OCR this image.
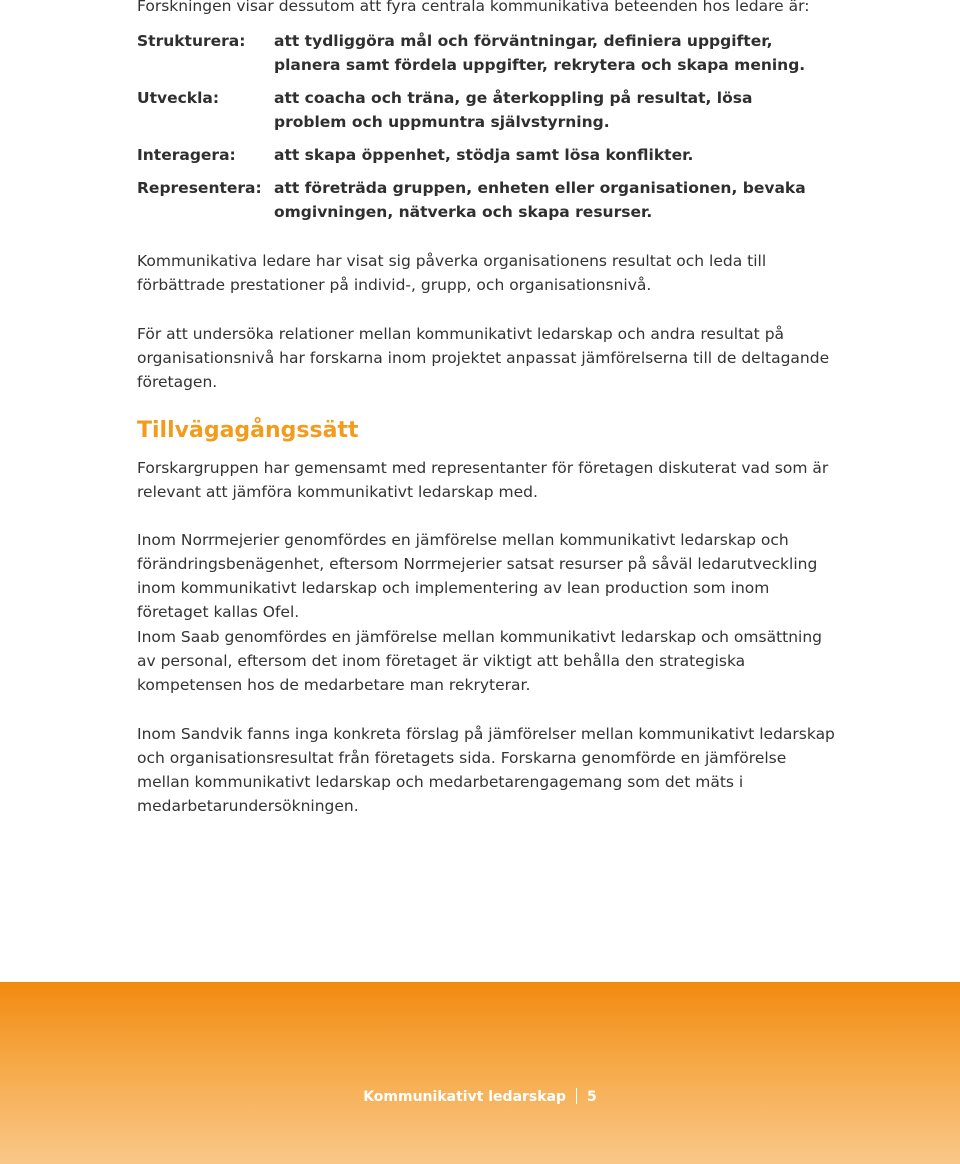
Forskningen visar dessutom att fyra centrala kommunikativa beteenden hos ledare är:

Strukturera: att tydliggöra mål och förväntningar, definiera uppgifter, planera samt fördela uppgifter, rekrytera och skapa mening.
Utveckla:	att coacha och träna, ge återkoppling på resultat, lösa problem och uppmuntra självstyrning.
Interagera: att skapa öppenhet, stödja samt lösa konflikter.
Representera: att företräda gruppen, enheten eller organisationen, bevaka omgivningen, nätverka och skapa resurser.

Kommunikativa ledare har visat sig påverka organisationens resultat och leda till förbättrade prestationer på individ-, grupp, och organisationsnivå.

För att undersöka relationer mellan kommunikativt ledarskap och andra resultat på organisationsnivå har forskarna inom projektet anpassat jämförelserna till de deltagande företagen.

Tillvägagångssätt

Forskargruppen har gemensamt med representanter för företagen diskuterat vad som är relevant att jämföra kommunikativt ledarskap med.

Inom Norrmejerier genomfördes en jämförelse mellan kommunikativt ledarskap och förändringsbenägenhet, eftersom Norrmejerier satsat resurser på såväl ledarutveckling inom kommunikativt ledarskap och implementering av lean production som inom företaget kallas Ofel.

Inom Saab genomfördes en jämförelse mellan kommunikativt ledarskap och omsättning av personal, eftersom det inom företaget är viktigt att behålla den strategiska kompetensen hos de medarbetare man rekryterar.

Inom Sandvik fanns inga konkreta förslag på jämförelser mellan kommunikativt ledarskap och organisationsresultat från företagets sida. Forskarna genomförde en jämförelse mellan kommunikativt ledarskap och medarbetarengagemang som det mäts i medarbetarundersökningen.

Kommunikativt ledarskap 5
